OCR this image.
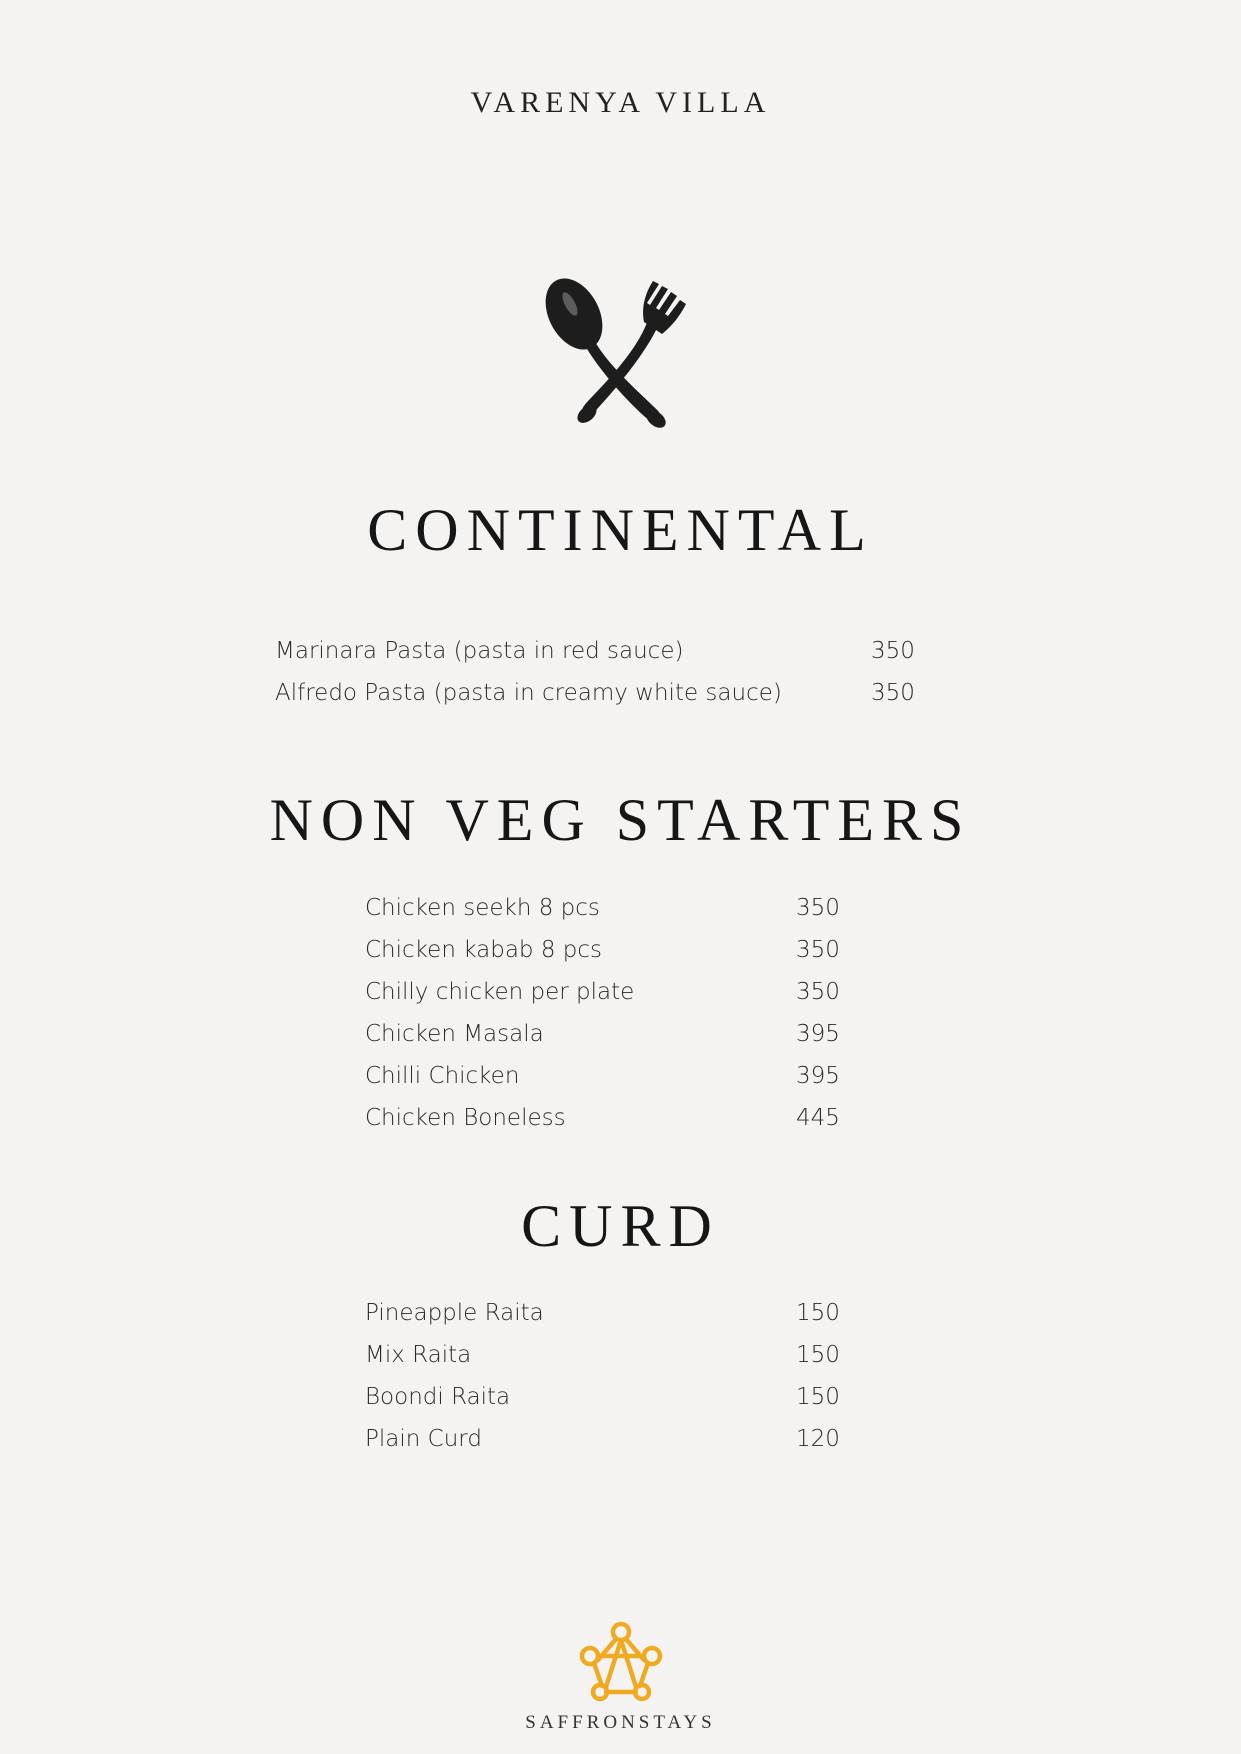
VARENYA VILLA
CONTINENTAL
Marinara Pasta (pasta in red sauce)	350
Alfredo Pasta (pasta in creamy white sauce)	350
NON VEG STARTERS
Chicken seekh 8 pcs	350
Chicken kabab 8 pcs	350
Chilly chicken per plate	350
Chicken Masala	395
Chilli Chicken	395
Chicken Boneless	445
CURD
Pineapple Raita	150
Mix Raita	150
Boondi Raita	150
Plain Curd	120
SAFFRONSTAYS
